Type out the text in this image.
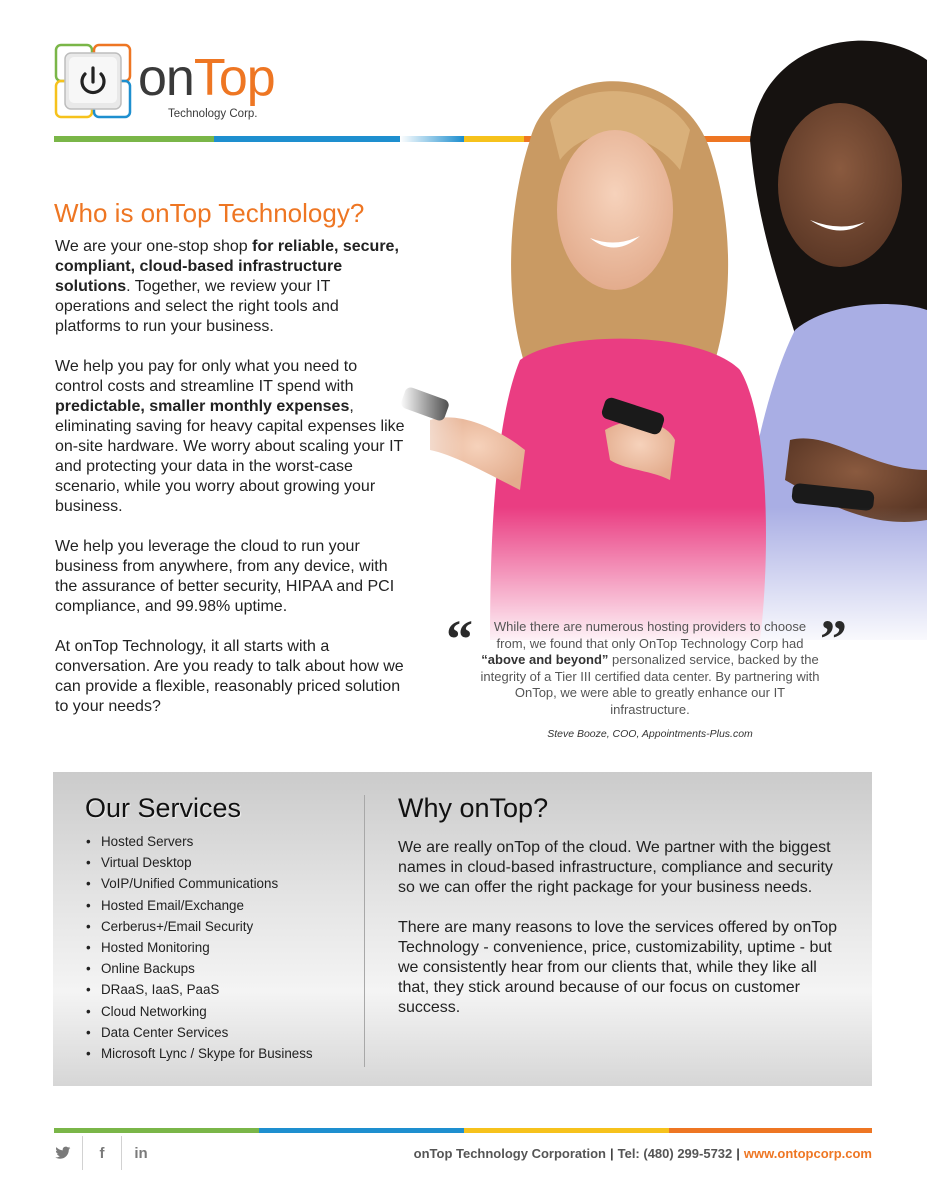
onTop
Technology Corp.
Who is onTop Technology?

We are your one-stop shop for reliable, secure, compliant, cloud-based infrastructure solutions. Together, we review your IT operations and select the right tools and platforms to run your business.

We help you pay for only what you need to control costs and streamline IT spend with predictable, smaller monthly expenses, eliminating saving for heavy capital expenses like on-site hardware. We worry about scaling your IT and protecting your data in the worst-case scenario, while you worry about growing your business.

We help you leverage the cloud to run your business from anywhere, from any device, with the assurance of better security, HIPAA and PCI compliance, and 99.98% uptime.

At onTop Technology, it all starts with a conversation. Are you ready to talk about how we can provide a flexible, reasonably priced solution to your needs?

“	”
While there are numerous hosting providers to choose from, we found that only OnTop Technology Corp had “above and beyond” personalized service, backed by the integrity of a Tier III certified data center. By partnering with OnTop, we were able to greatly enhance our IT infrastructure.
Steve Booze, COO, Appointments-Plus.com
Our Services
• Hosted Servers
• Virtual Desktop
• VoIP/Unified Communications
• Hosted Email/Exchange
• Cerberus+/Email Security
• Hosted Monitoring
• Online Backups
• DRaaS, IaaS, PaaS
• Cloud Networking
• Data Center Services
• Microsoft Lync / Skype for Business
Why onTop?

We are really onTop of the cloud. We partner with the biggest names in cloud-based infrastructure, compliance and security so we can offer the right package for your business needs.

There are many reasons to love the services offered by onTop Technology - convenience, price, customizability, uptime - but we consistently hear from our clients that, while they like all that, they stick around because of our focus on customer success.

f in	onTop Technology Corporation | Tel: (480) 299-5732 | www.ontopcorp.com
